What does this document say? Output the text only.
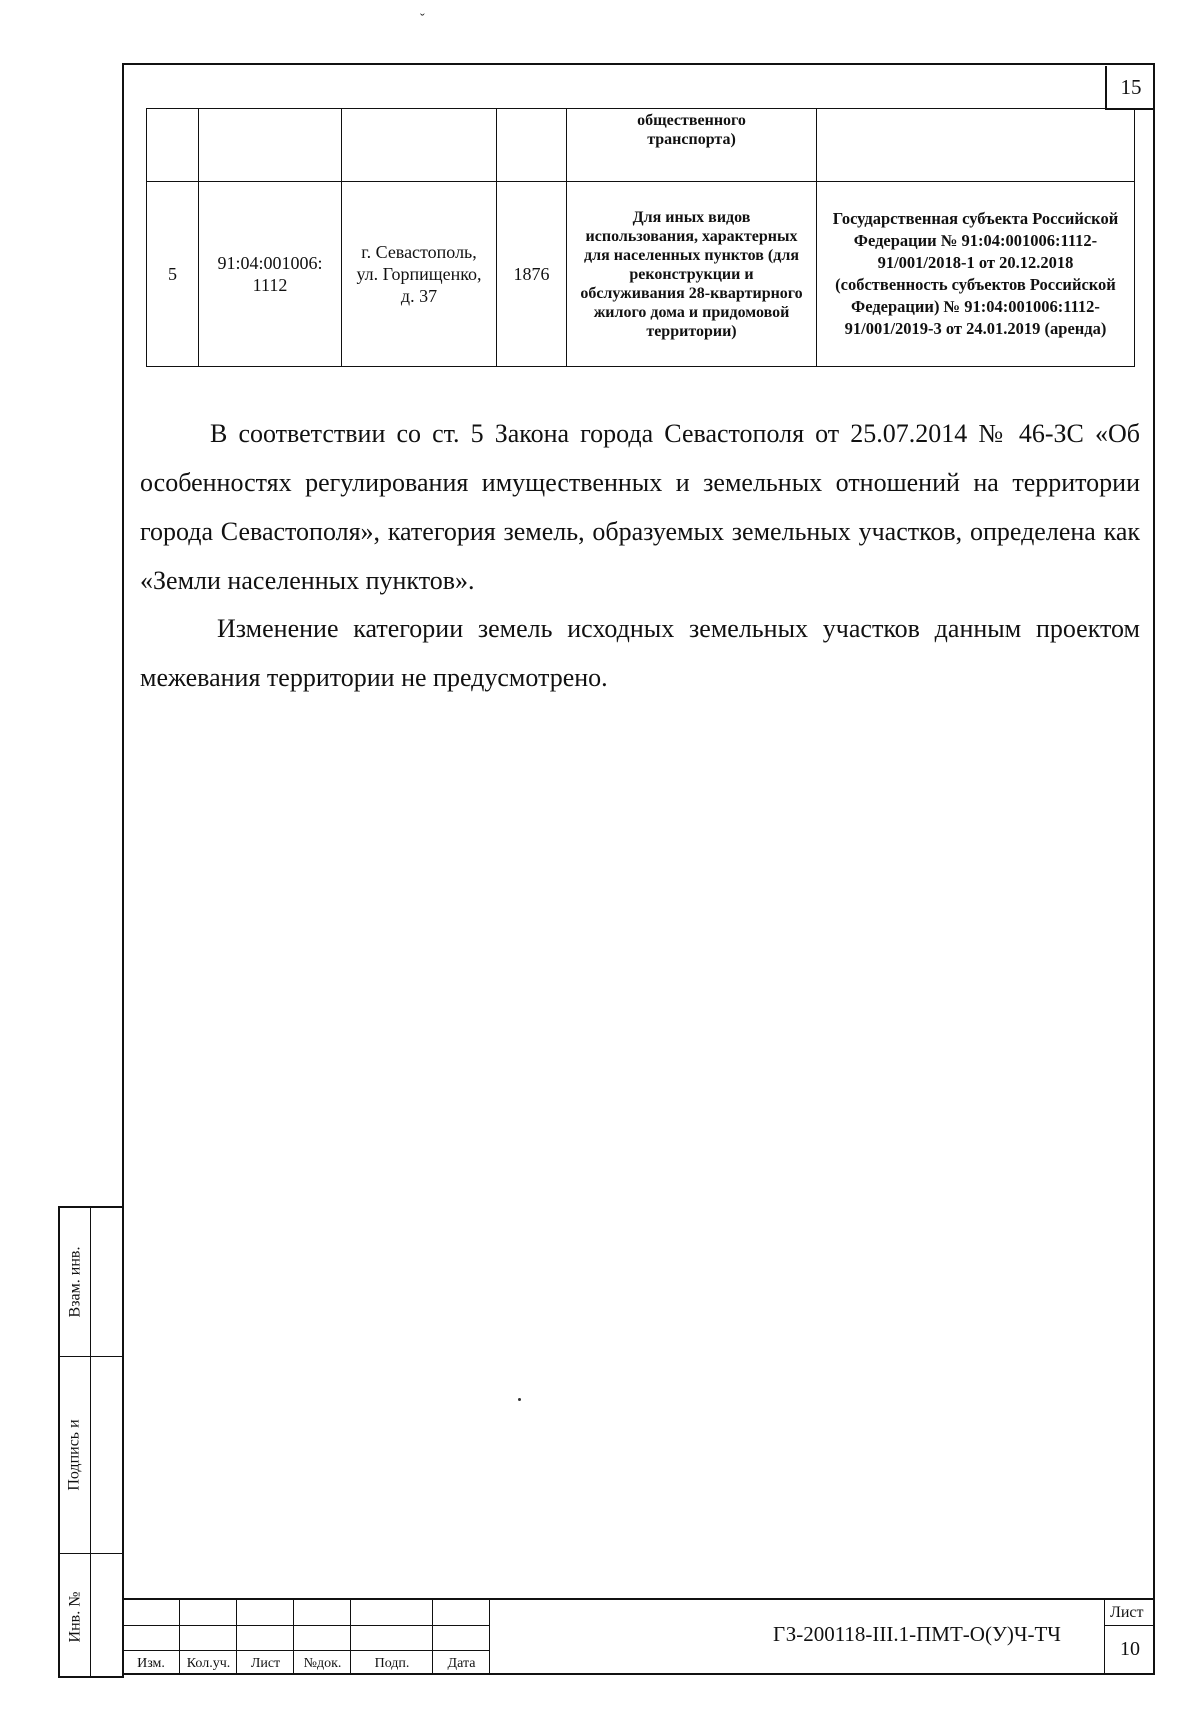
ˇ
15
				общественного транспорта)	
5	91:04:001006: 1112	г. Севастополь, ул. Горпищенко, д. 37	1876	Для иных видов использования, характерных для населенных пунктов (для реконструкции и обслуживания 28-квартирного жилого дома и придомовой территории)	Государственная субъекта Российской Федерации № 91:04:001006:1112-91/001/2018-1 от 20.12.2018 (собственность субъектов Российской Федерации) № 91:04:001006:1112-91/001/2019-3 от 24.01.2019 (аренда)

В соответствии со ст. 5 Закона города Севастополя от 25.07.2014 № 46-ЗС «Об особенностях регулирования имущественных и земельных отношений на территории города Севастополя», категория земель, образуемых земельных участков, определена как «Земли населенных пунктов».

Изменение категории земель исходных земельных участков данным проектом межевания территории не предусмотрено.

Взам. инв.
Подпись и
Инв. №
Изм.	Кол.уч.	Лист	№док.	Подп.	Дата
ГЗ-200118-III.1-ПМТ-О(У)Ч-ТЧ
Лист
10
